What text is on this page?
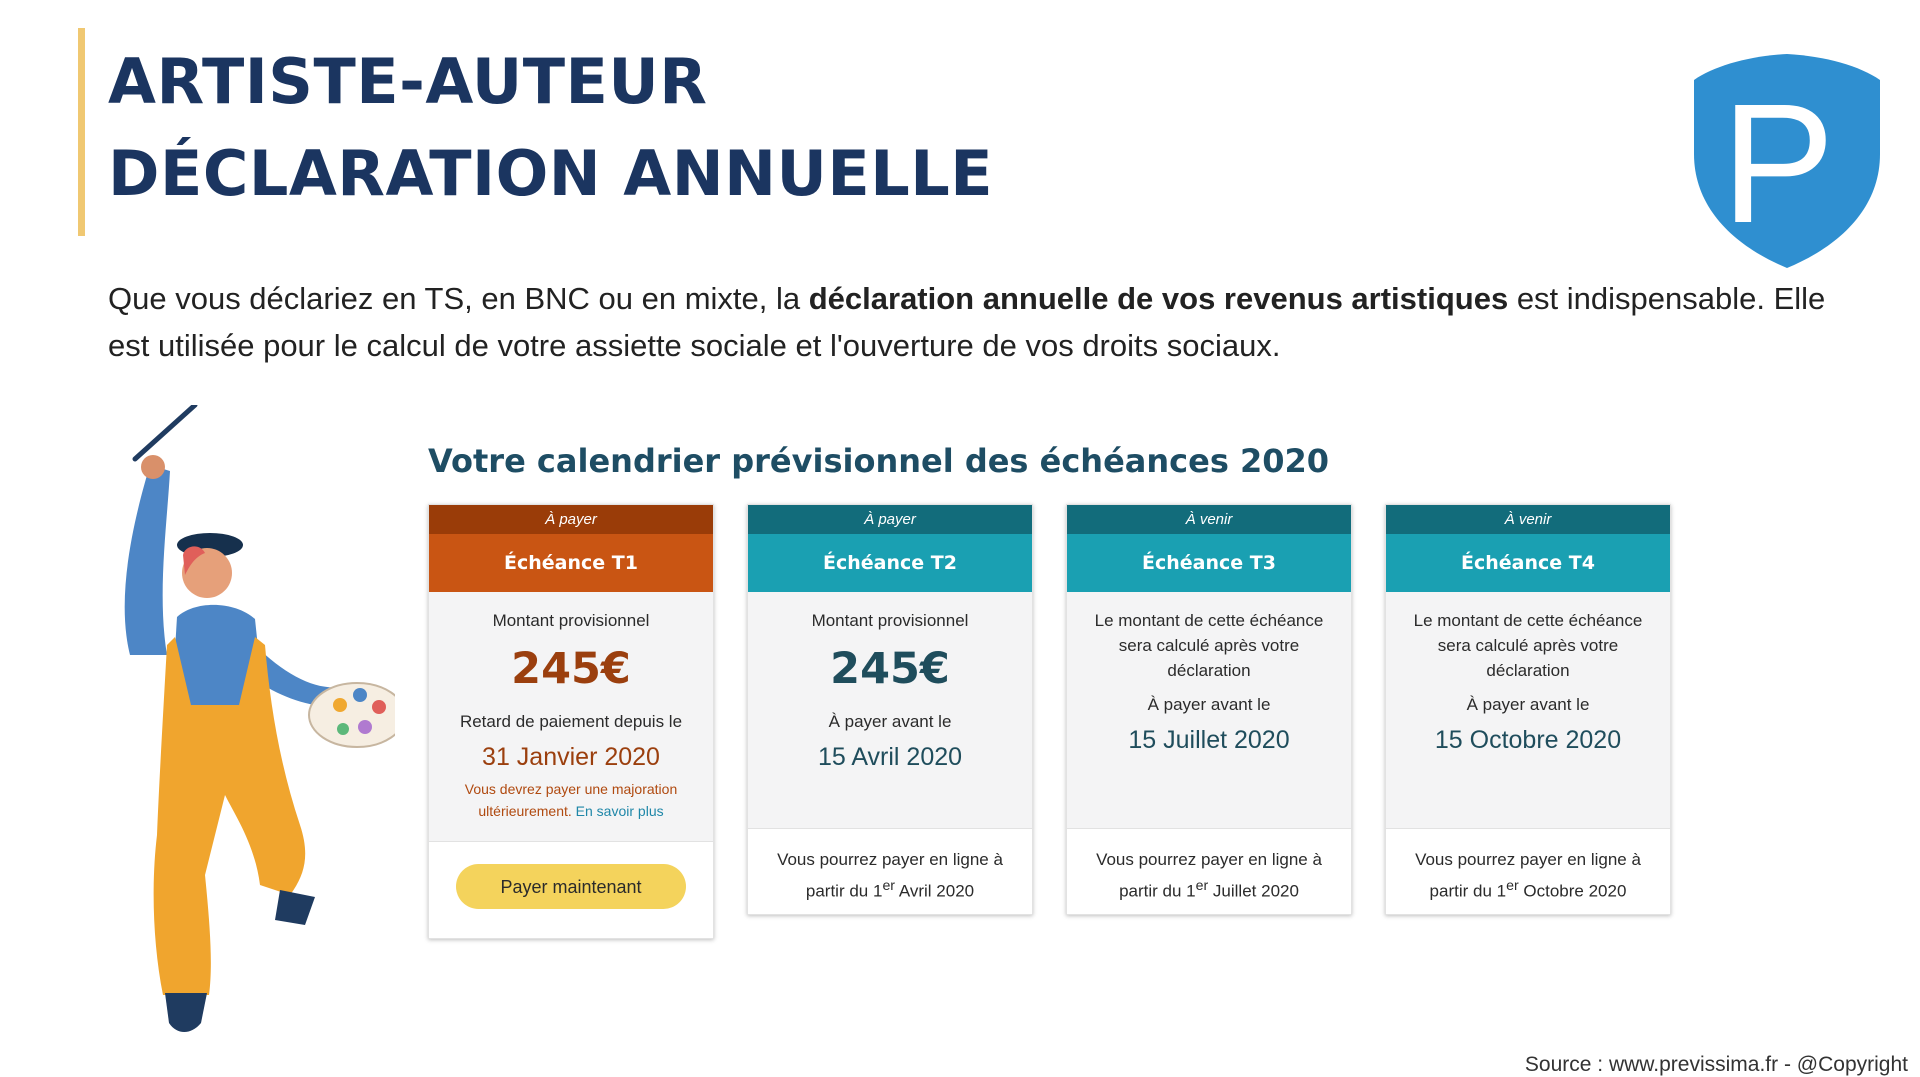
ARTISTE-AUTEUR
DÉCLARATION ANNUELLE	P

Que vous déclariez en TS, en BNC ou en mixte, la déclaration annuelle de vos revenus artistiques est indispensable. Elle est utilisée pour le calcul de votre assiette sociale et l'ouverture de vos droits sociaux.

Votre calendrier prévisionnel des échéances 2020
À payer
Échéance T1
Montant provisionnel
245€
Retard de paiement depuis le
31 Janvier 2020
Vous devrez payer une majoration ultérieurement. En savoir plus
Payer maintenant
À payer
Échéance T2
Montant provisionnel
245€
À payer avant le
15 Avril 2020
Vous pourrez payer en ligne à
partir du 1er Avril 2020
À venir
Échéance T3
Le montant de cette échéance sera calculé après votre déclaration
À payer avant le
15 Juillet 2020
Vous pourrez payer en ligne à
partir du 1er Juillet 2020
À venir
Échéance T4
Le montant de cette échéance sera calculé après votre déclaration
À payer avant le
15 Octobre 2020
Vous pourrez payer en ligne à
partir du 1er Octobre 2020
Source : www.previssima.fr - @Copyright
